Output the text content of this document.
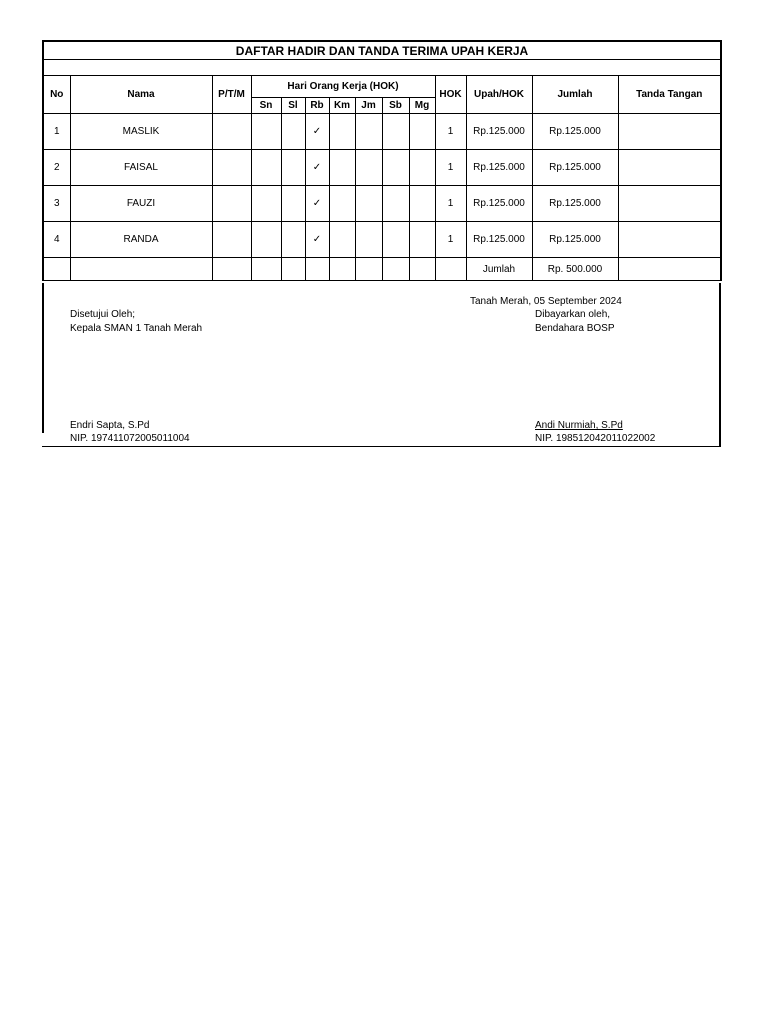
DAFTAR HADIR DAN TANDA TERIMA UPAH KERJA													

No	Nama	P/T/M	Hari Orang Kerja (HOK)							HOK	Upah/HOK	Jumlah	Tanda Tangan
			Sn	Sl	Rb	Km	Jm	Sb	Mg				
1	MASLIK				✓					1	Rp.125.000	Rp.125.000	
2	FAISAL				✓					1	Rp.125.000	Rp.125.000	
3	FAUZI				✓					1	Rp.125.000	Rp.125.000	
4	RANDA				✓					1	Rp.125.000	Rp.125.000	
											Jumlah	Rp. 500.000	
Tanah Merah, 05 September 2024
Disetujui Oleh;
Kepala SMAN 1 Tanah Merah
Endri Sapta, S.Pd
NIP. 197411072005011004
Dibayarkan oleh,
Bendahara BOSP
Andi Nurmiah, S.Pd
NIP. 198512042011022002
